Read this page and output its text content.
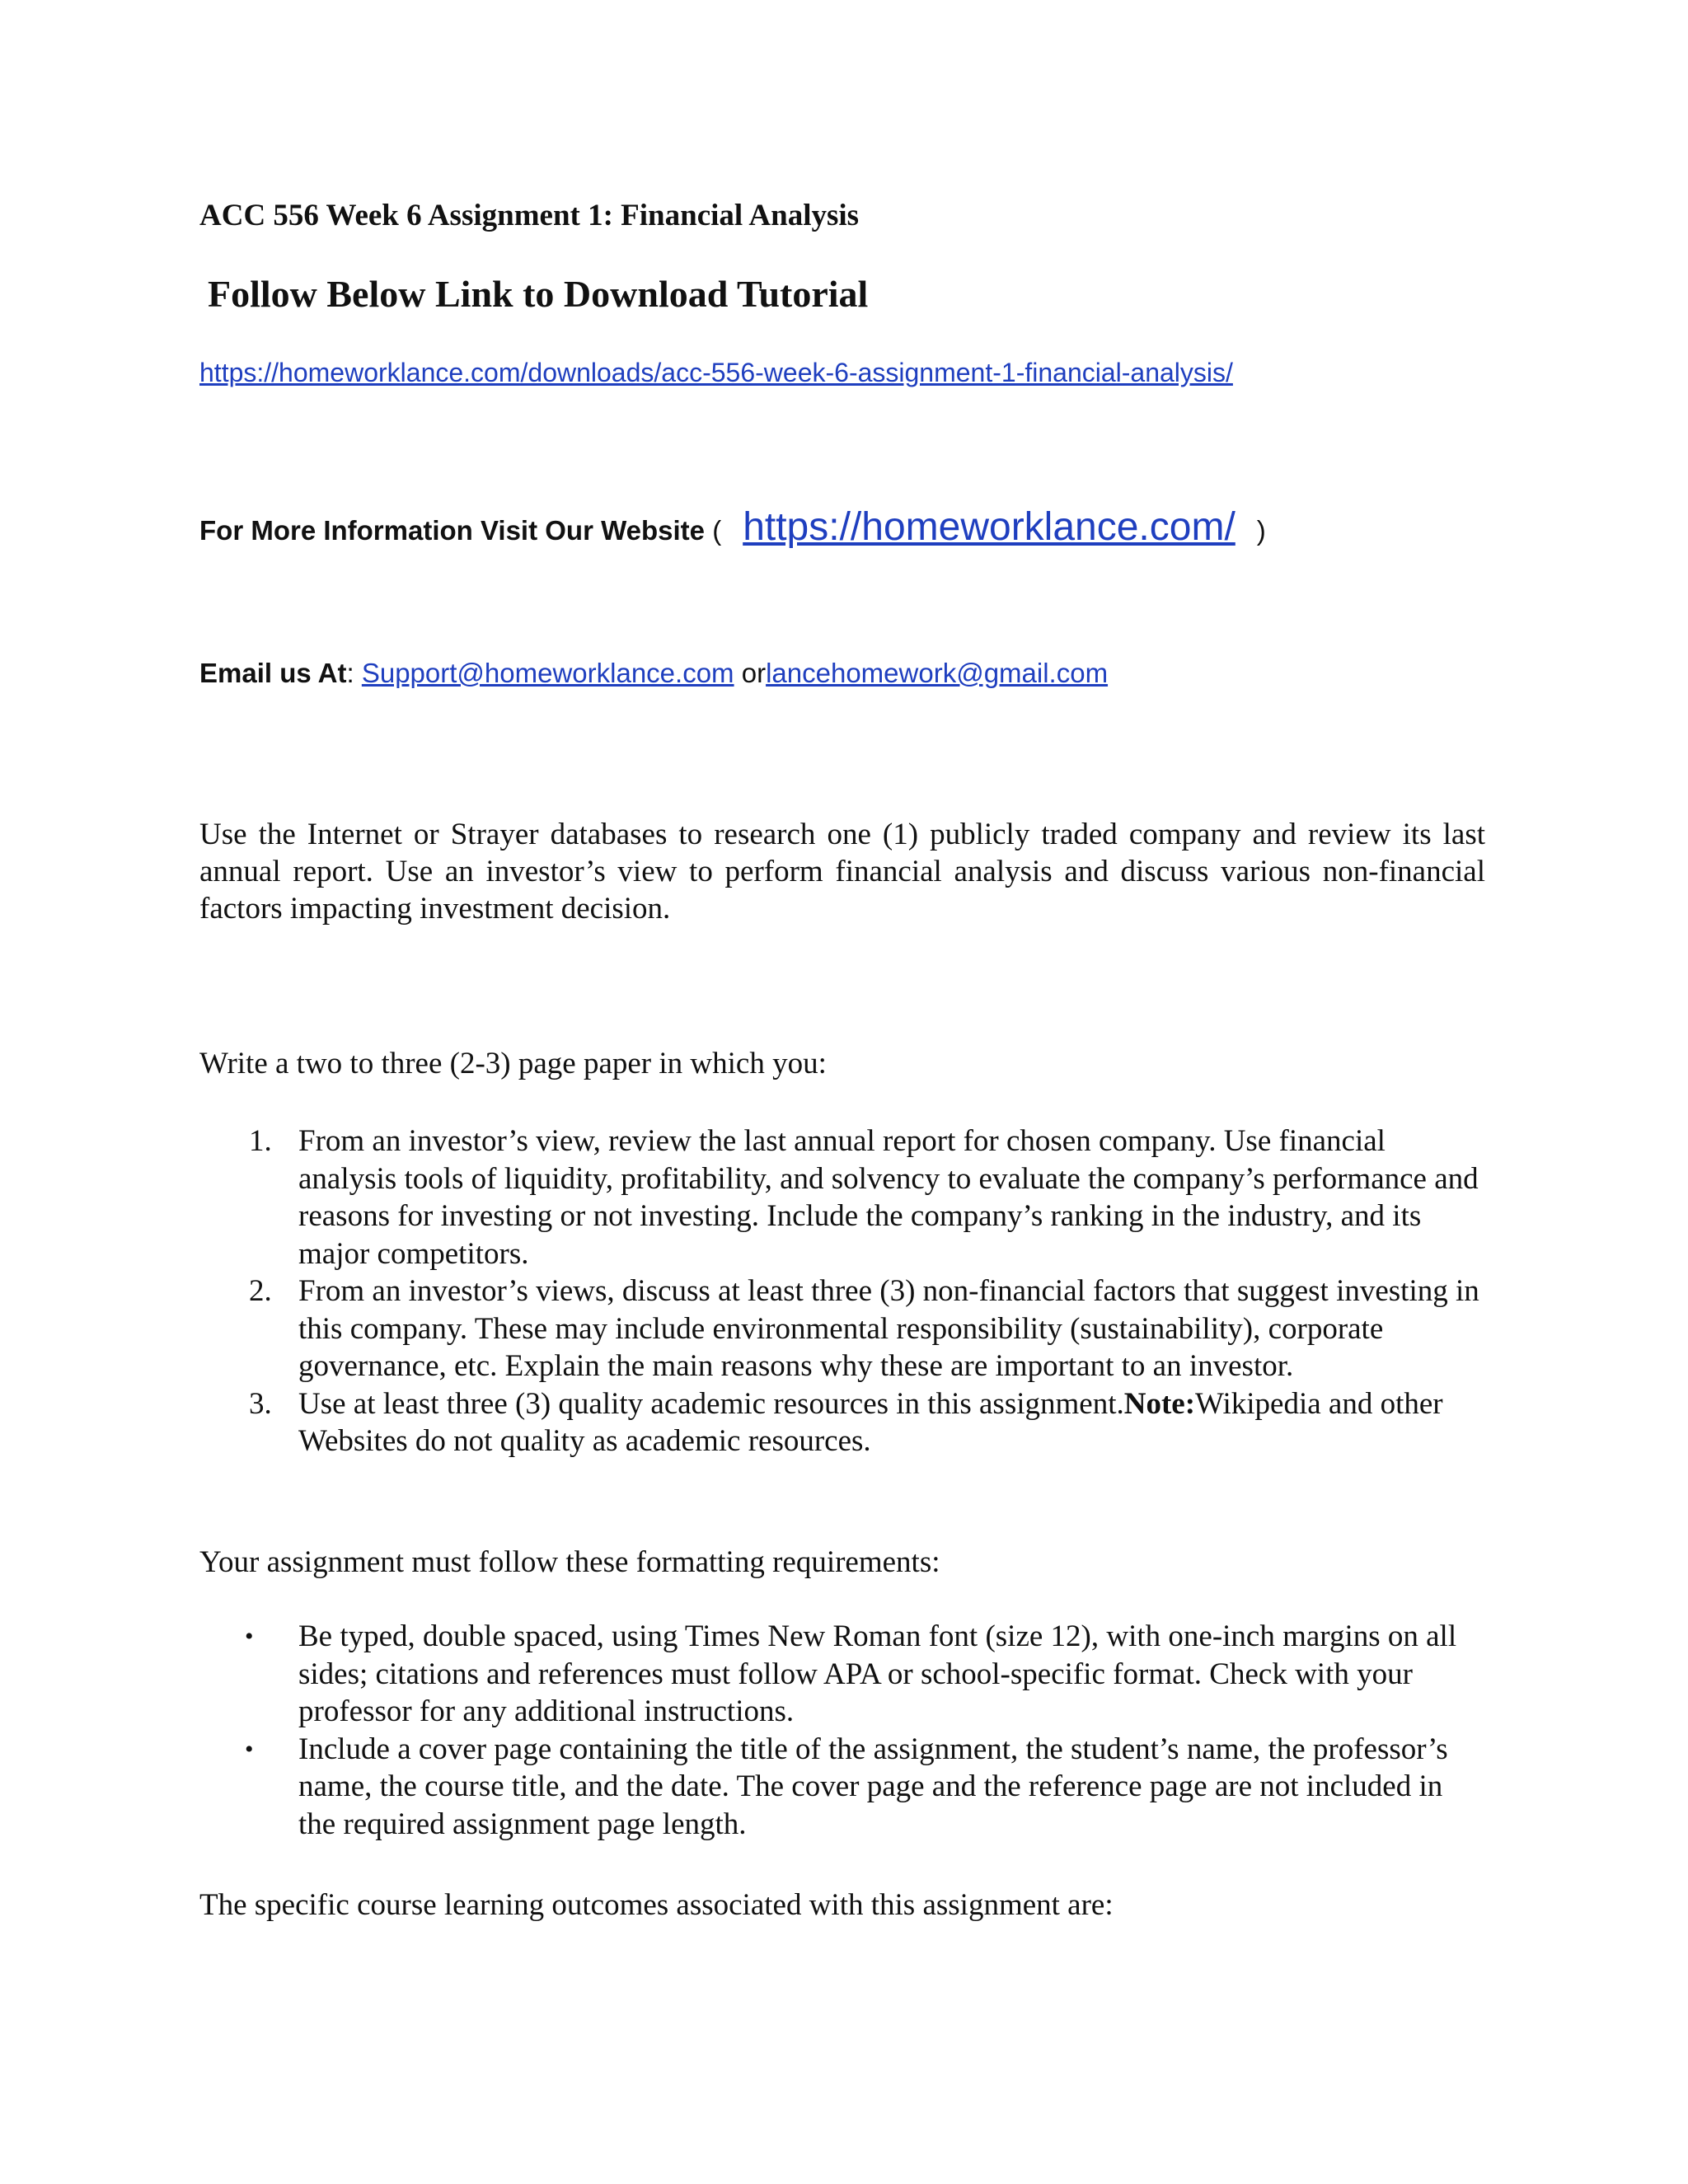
ACC 556 Week 6 Assignment 1: Financial Analysis
Follow Below Link to Download Tutorial
https://homeworklance.com/downloads/acc-556-week-6-assignment-1-financial-analysis/
For More Information Visit Our Website ( https://homeworklance.com/ )
Email us At: Support@homeworklance.com orlancehomework@gmail.com
Use the Internet or Strayer databases to research one (1) publicly traded company and review its last annual report. Use an investor’s view to perform financial analysis and discuss various non-financial factors impacting investment decision.
Write a two to three (2-3) page paper in which you:
1. From an investor’s view, review the last annual report for chosen company. Use financial analysis tools of liquidity, profitability, and solvency to evaluate the company’s performance and reasons for investing or not investing. Include the company’s ranking in the industry, and its major competitors.
2. From an investor’s views, discuss at least three (3) non-financial factors that suggest investing in this company. These may include environmental responsibility (sustainability), corporate governance, etc. Explain the main reasons why these are important to an investor.
3. Use at least three (3) quality academic resources in this assignment.Note:Wikipedia and other Websites do not quality as academic resources.
Your assignment must follow these formatting requirements:
• Be typed, double spaced, using Times New Roman font (size 12), with one-inch margins on all sides; citations and references must follow APA or school-specific format. Check with your professor for any additional instructions.
• Include a cover page containing the title of the assignment, the student’s name, the professor’s name, the course title, and the date. The cover page and the reference page are not included in the required assignment page length.
The specific course learning outcomes associated with this assignment are:
